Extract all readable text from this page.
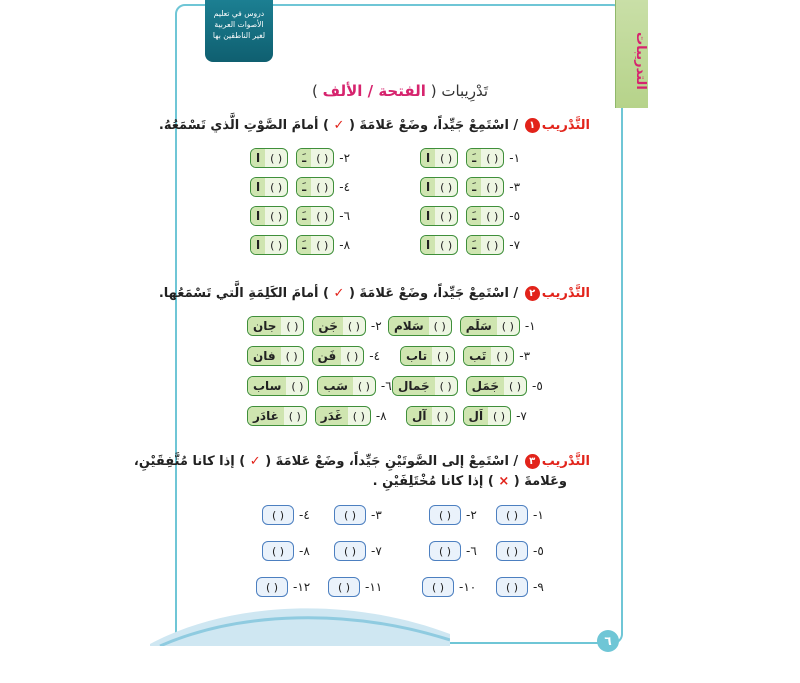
التدريبات
دروس في تعليم
الأصوات العربية
لغير الناطقين بها
تَدْرِيبات ( الفتحة / الألف )
التَّدْريب١ / اسْتَمِعْ جَيِّداً، وضَعْ عَلامَةَ ( ✓ ) أمامَ الصَّوْتِ الَّذي تَسْمَعُهُ.
ا ( )	ـَ ( ) -١
ا ( )	ـَ ( ) -٢
ا ( )	ـَ ( ) -٣
ا ( )	ـَ ( ) -٤
ا ( )	ـَ ( ) -٥
ا ( )	ـَ ( ) -٦
ا ( )	ـَ ( ) -٧
ا ( )	ـَ ( ) -٨
التَّدْريب٢ / اسْتَمِعْ جَيِّداً، وضَعْ عَلامَةَ ( ✓ ) أمامَ الكَلِمَةِ الَّتي تَسْمَعُها.
سَلام ( )	سَلَم ( ) -١
جان ( )	جَن ( ) -٢
تاب ( )	تَب ( ) -٣
فان ( )	فَن ( ) -٤
جَمال ( )	جَمَل ( ) -٥
ساب ( )	سَب ( ) -٦
آل ( )	اَل ( ) -٧
غادَر ( )	غَدَر ( ) -٨
التَّدْريب٣ / اسْتَمِعْ إلى الصَّوتَيْنِ جَيِّداً، وضَعْ عَلامَةَ ( ✓ ) إذا كانا مُتَّفِقَيْنِ،
وعَلامةَ ( × ) إذا كانا مُخْتَلِفَيْنِ .
( )	-١
( )	-٢
( )	-٣
( )	-٤
( )	-٥
( )	-٦
( )	-٧
( )	-٨
( )	-٩
( )	-١٠
( )	-١١
( )	-١٢
٦
